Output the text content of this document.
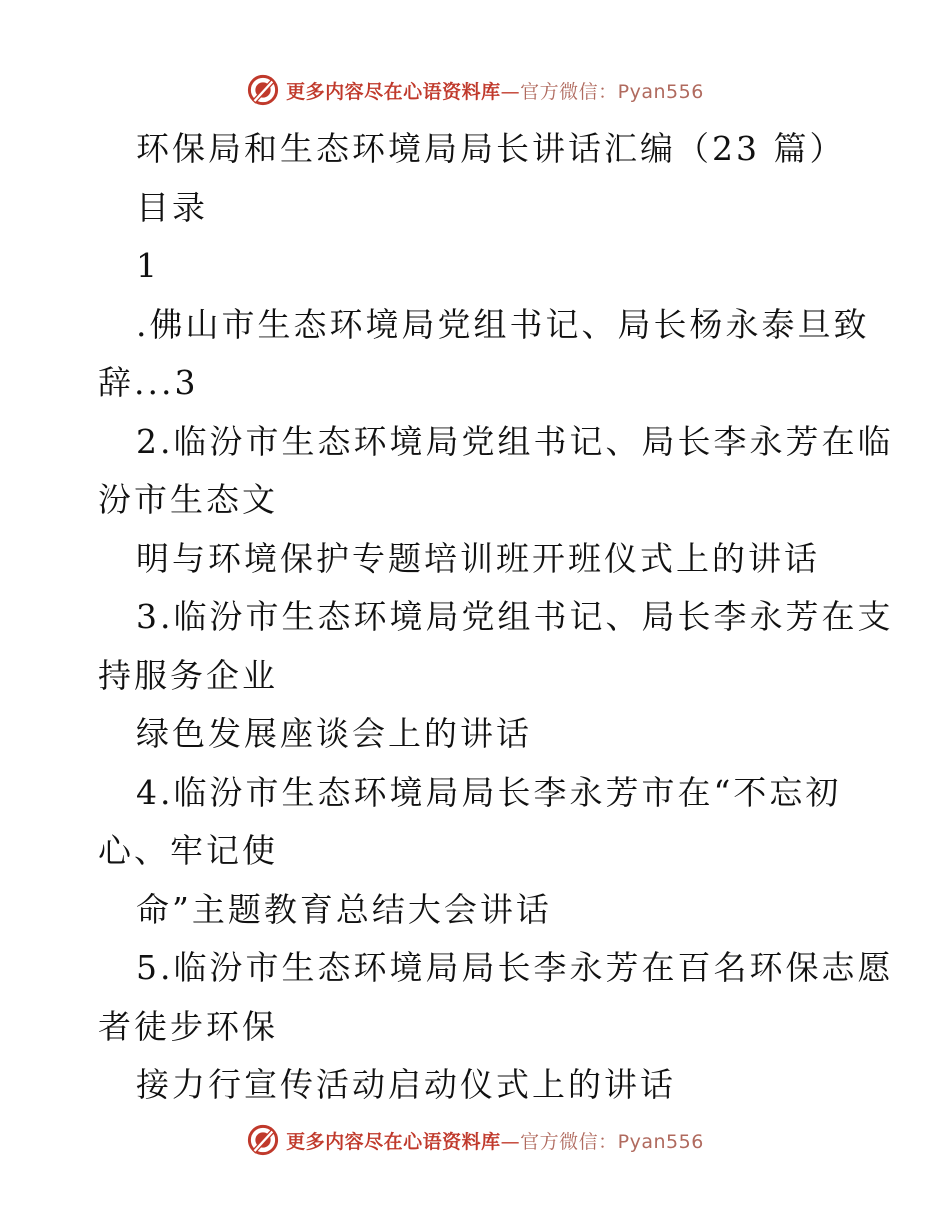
更多内容尽在心语资料库—官方微信：Pyan556
环保局和生态环境局局长讲话汇编（23 篇）
目录
1
.佛山市生态环境局党组书记、局长杨永泰旦致
辞...3
2.临汾市生态环境局党组书记、局长李永芳在临
汾市生态文
明与环境保护专题培训班开班仪式上的讲话
3.临汾市生态环境局党组书记、局长李永芳在支
持服务企业
绿色发展座谈会上的讲话
4.临汾市生态环境局局长李永芳市在“不忘初
心、牢记使
命”主题教育总结大会讲话
5.临汾市生态环境局局长李永芳在百名环保志愿
者徒步环保
接力行宣传活动启动仪式上的讲话
更多内容尽在心语资料库—官方微信：Pyan556
